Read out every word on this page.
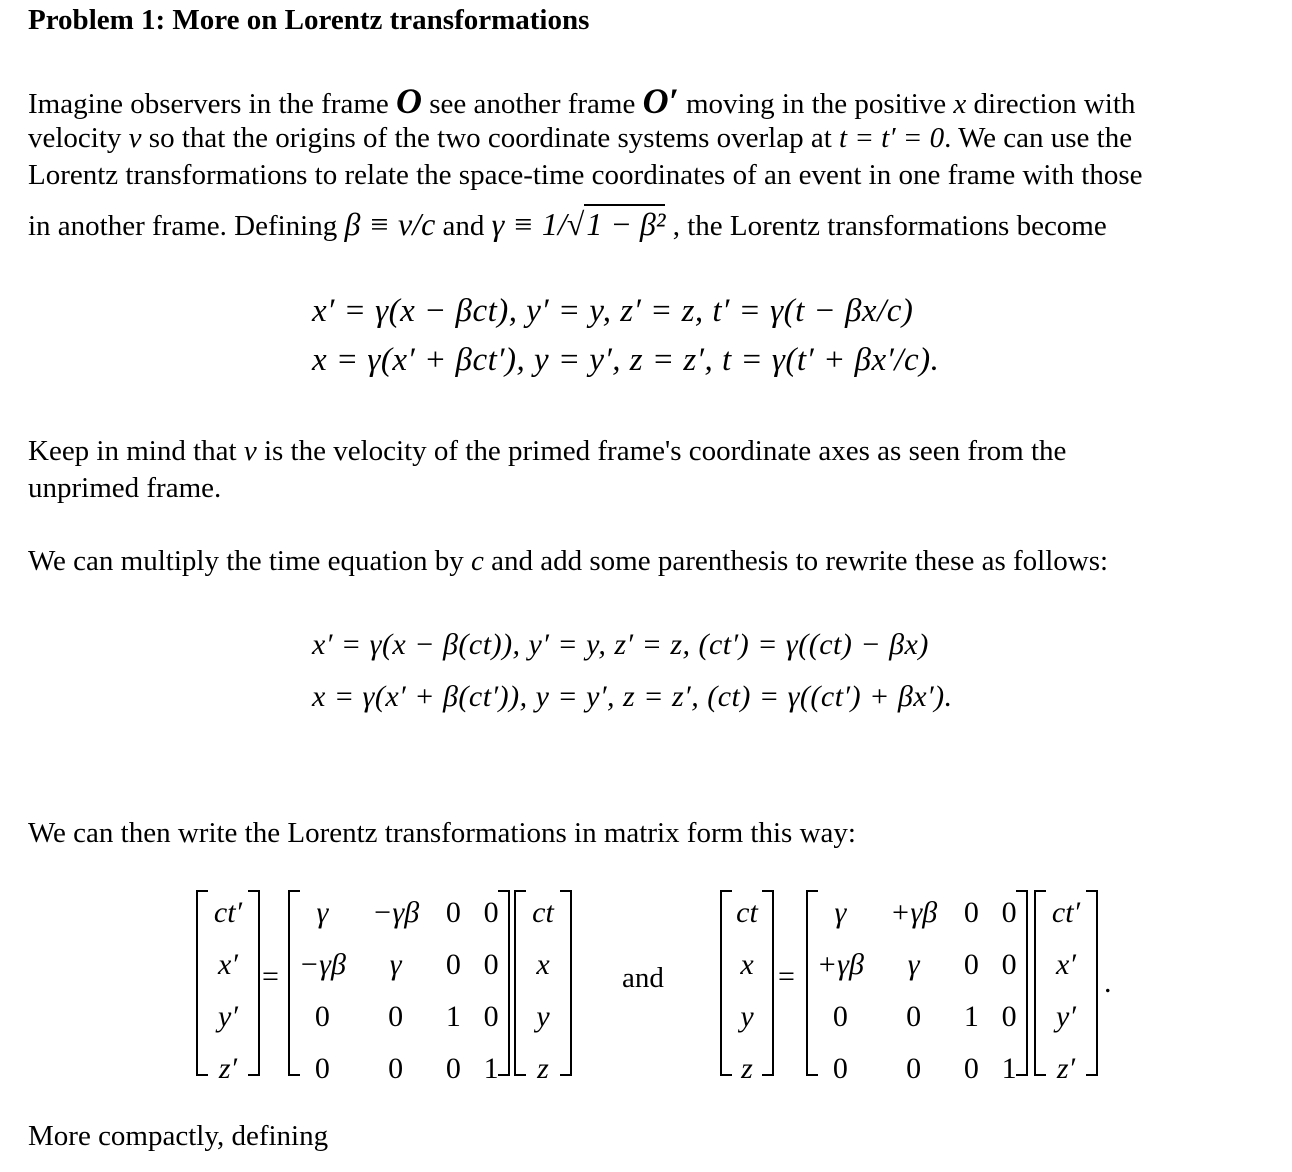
Problem 1: More on Lorentz transformations
Imagine observers in the frame O see another frame O′ moving in the positive x direction with
velocity v so that the origins of the two coordinate systems overlap at t = t′ = 0. We can use the
Lorentz transformations to relate the space-time coordinates of an event in one frame with those
in another frame. Defining β ≡ v/c and γ ≡ 1/√1 − β² , the Lorentz transformations become
x′ = γ(x − βct), y′ = y, z′ = z, t′ = γ(t − βx/c)
x = γ(x′ + βct′), y = y′, z = z′, t = γ(t′ + βx′/c).
Keep in mind that v is the velocity of the primed frame's coordinate axes as seen from the
unprimed frame.
We can multiply the time equation by c and add some parenthesis to rewrite these as follows:
x′ = γ(x − β(ct)), y′ = y, z′ = z, (ct′) = γ((ct) − βx)
x = γ(x′ + β(ct′)), y = y′, z = z′, (ct) = γ((ct′) + βx′).
We can then write the Lorentz transformations in matrix form this way:
ct′
x′
y′
z′
=
γ	−γβ	0	0
−γβ	γ	0	0
0	0	1	0
0	0	0	1
ct
x
y
z
and
ct
x
y
z
=
γ	+γβ	0	0
+γβ	γ	0	0
0	0	1	0
0	0	0	1
ct′
x′
y′
z′
.
More compactly, defining
